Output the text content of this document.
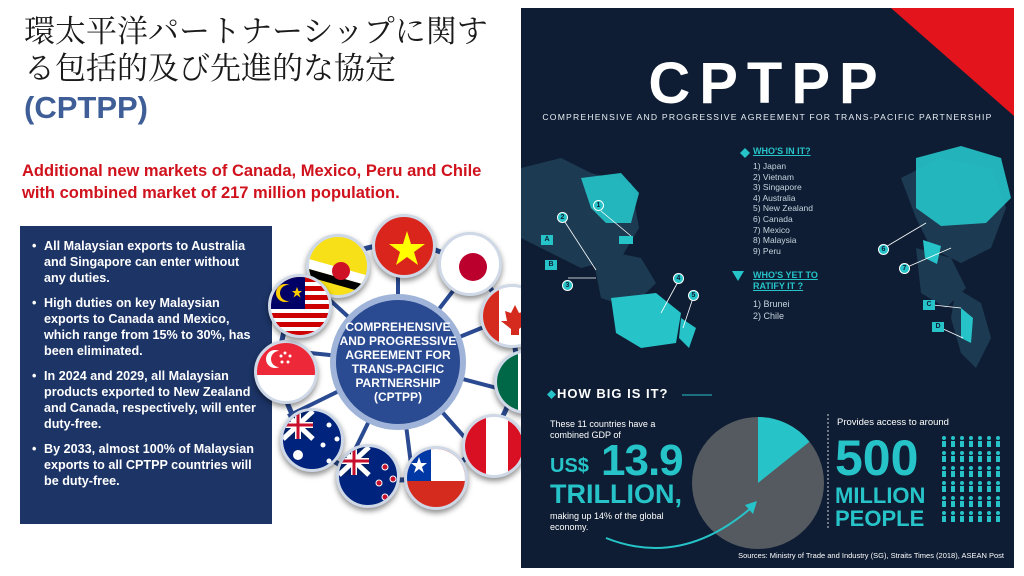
環太平洋パートナーシップに関する包括的及び先進的な協定
(CPTPP)
Additional new markets of Canada, Mexico, Peru and Chile with combined market of 217 million population.
• All Malaysian exports to Australia and Singapore can enter without any duties.
• High duties on key Malaysian exports to Canada and Mexico, which range from 15% to 30%, has been eliminated.
• In 2024 and 2029, all Malaysian products exported to New Zealand and Canada, respectively, will enter duty-free.
• By 2033, almost 100% of Malaysian exports to all CPTPP countries will be duty-free.
COMPREHENSIVE AND PROGRESSIVE AGREEMENT FOR TRANS-PACIFIC PARTNERSHIP (CPTPP)
1
2
3
4
5
6
7
A
B
C
D
CPTPP
COMPREHENSIVE AND PROGRESSIVE AGREEMENT FOR TRANS-PACIFIC PARTNERSHIP
WHO'S IN IT?
1) Japan
2) Vietnam
3) Singapore
4) Australia
5) New Zealand
6) Canada
7) Mexico
8) Malaysia
9) Peru
WHO'S YET TO
RATIFY IT ?
1) Brunei
2) Chile
HOW BIG IS IT?
These 11 countries have a combined GDP of
US$ 13.9
TRILLION,
making up 14% of the global economy.
Provides access to around
500
MILLION
PEOPLE
Sources: Ministry of Trade and Industry (SG), Straits Times (2018), ASEAN Post
